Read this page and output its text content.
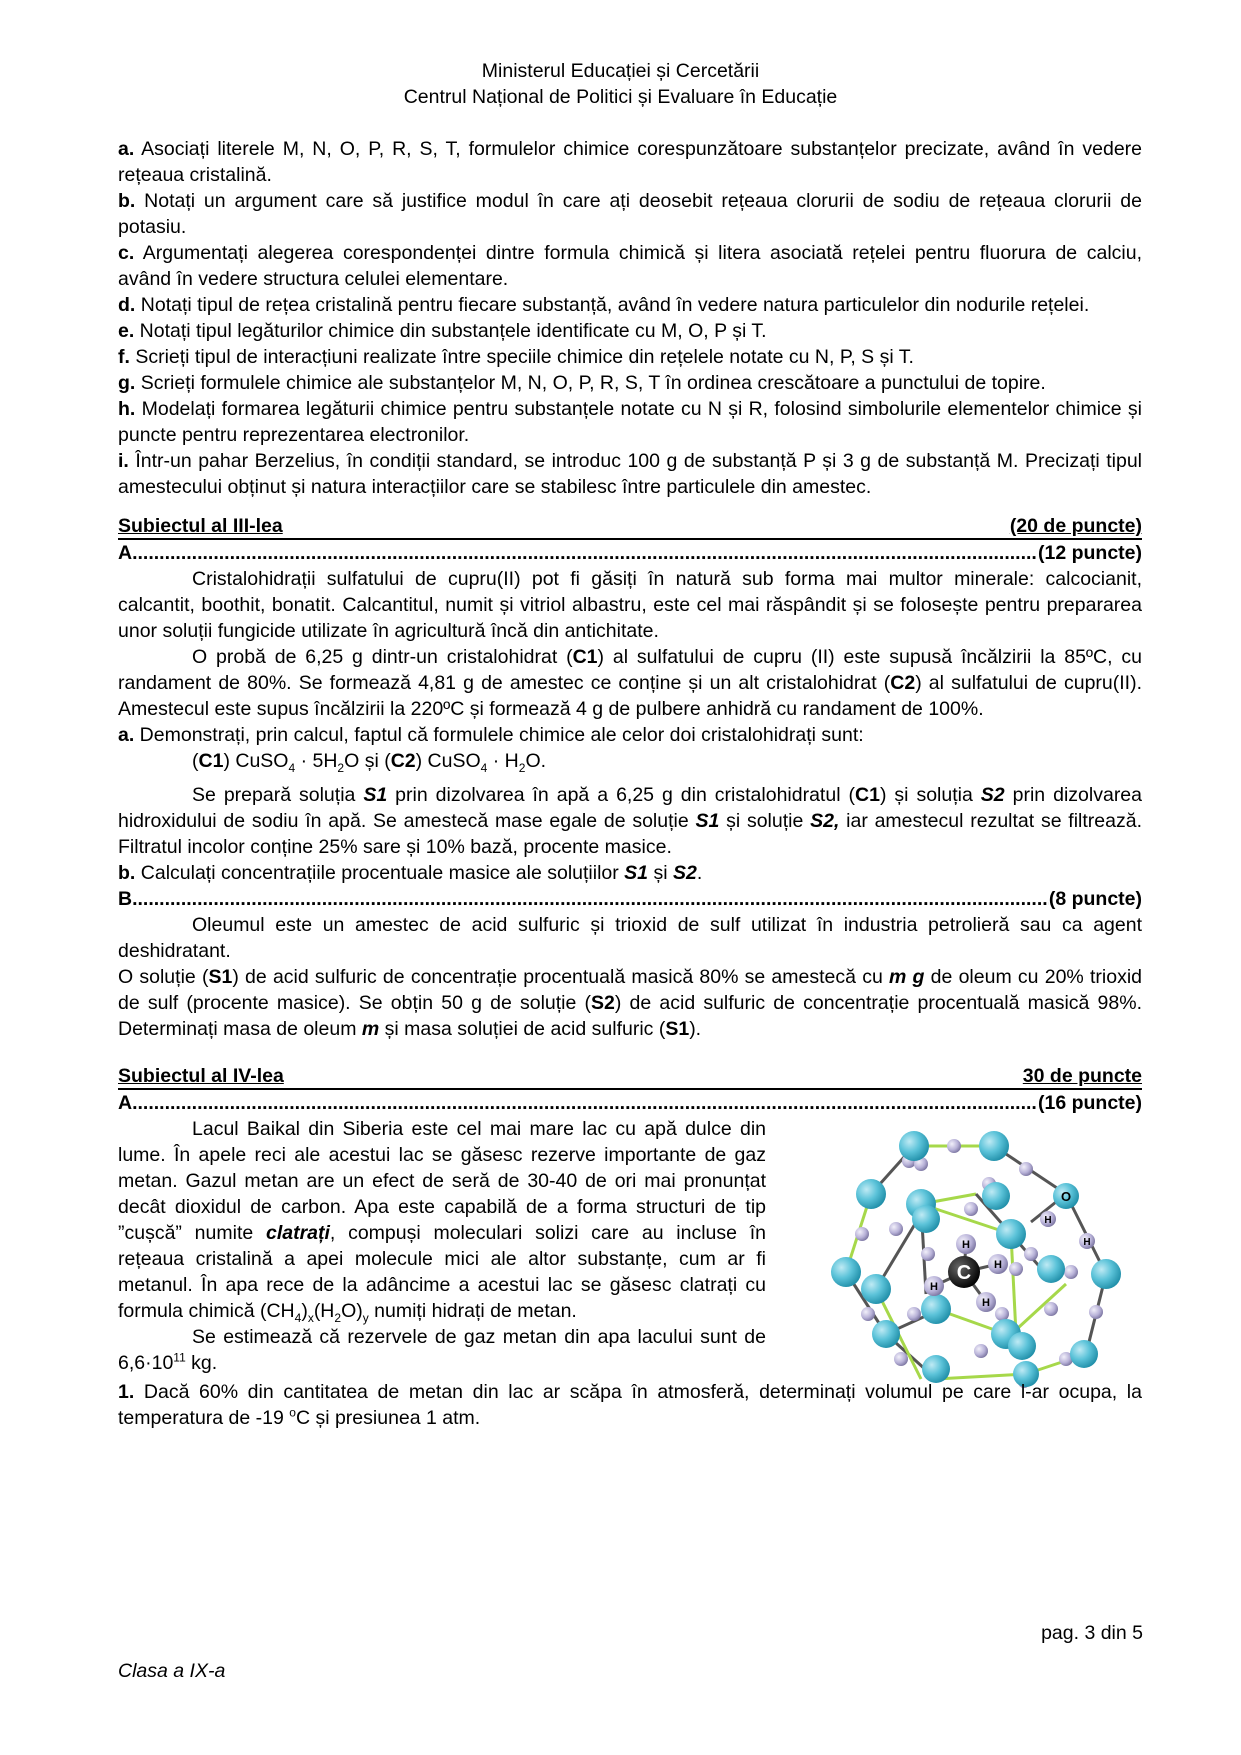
Ministerul Educației și Cercetării
Centrul Național de Politici și Evaluare în Educație

a. Asociați literele M, N, O, P, R, S, T, formulelor chimice corespunzătoare substanțelor precizate, având în vedere rețeaua cristalină.

b. Notați un argument care să justifice modul în care ați deosebit rețeaua clorurii de sodiu de rețeaua clorurii de potasiu.

c. Argumentați alegerea corespondenței dintre formula chimică și litera asociată rețelei pentru fluorura de calciu, având în vedere structura celulei elementare.

d. Notați tipul de rețea cristalină pentru fiecare substanță, având în vedere natura particulelor din nodurile rețelei.

e. Notați tipul legăturilor chimice din substanțele identificate cu M, O, P și T.

f. Scrieți tipul de interacțiuni realizate între speciile chimice din rețelele notate cu N, P, S și T.

g. Scrieți formulele chimice ale substanțelor M, N, O, P, R, S, T în ordinea crescătoare a punctului de topire.

h. Modelați formarea legăturii chimice pentru substanțele notate cu N și R, folosind simbolurile elementelor chimice și puncte pentru reprezentarea electronilor.

i. Într-un pahar Berzelius, în condiții standard, se introduc 100 g de substanță P și 3 g de substanță M. Precizați tipul amestecului obținut și natura interacțiilor care se stabilesc între particulele din amestec.

Subiectul al III-lea	(20 de puncte)
A. .....	(12 puncte)

Cristalohidrații sulfatului de cupru(II) pot fi găsiți în natură sub forma mai multor minerale: calcocianit, calcantit, boothit, bonatit. Calcantitul, numit și vitriol albastru, este cel mai răspândit și se folosește pentru prepararea unor soluții fungicide utilizate în agricultură încă din antichitate.

O probă de 6,25 g dintr-un cristalohidrat (C1) al sulfatului de cupru (II) este supusă încălzirii la 85ºC, cu randament de 80%. Se formează 4,81 g de amestec ce conține și un alt cristalohidrat (C2) al sulfatului de cupru(II). Amestecul este supus încălzirii la 220ºC și formează 4 g de pulbere anhidră cu randament de 100%.

a. Demonstrați, prin calcul, faptul că formulele chimice ale celor doi cristalohidrați sunt:

(C1) CuSO$_4$ · $5H_2O$ și (C2) CuSO$_4$ · $H_2O$.

Se prepară soluția S1 prin dizolvarea în apă a 6,25 g din cristalohidratul (C1) și soluția S2 prin dizolvarea hidroxidului de sodiu în apă. Se amestecă mase egale de soluție S1 și soluție S2, iar amestecul rezultat se filtrează. Filtratul incolor conține 25% sare și 10% bază, procente masice.

b. Calculați concentrațiile procentuale masice ale soluțiilor S1 și S2.

B. .....	(8 puncte)

Oleumul este un amestec de acid sulfuric și trioxid de sulf utilizat în industria petrolieră sau ca agent deshidratant.

O soluție (S1) de acid sulfuric de concentrație procentuală masică 80% se amestecă cu m g de oleum cu 20% trioxid de sulf (procente masice). Se obțin 50 g de soluție (S2) de acid sulfuric de concentrație procentuală masică 98%. Determinați masa de oleum m și masa soluției de acid sulfuric (S1).

Subiectul al IV-lea	30 de puncte
A. .....	(16 puncte)

Lacul Baikal din Siberia este cel mai mare lac cu apă dulce din lume. În apele reci ale acestui lac se găsesc rezerve importante de gaz metan. Gazul metan are un efect de seră de 30-40 de ori mai pronunțat decât dioxidul de carbon. Apa este capabilă de a forma structuri de tip ”cușcă” numite clatrați, compuși moleculari solizi care au incluse în rețeaua cristalină a apei molecule mici ale altor substanțe, cum ar fi metanul. În apa rece de la adâncime a acestui lac se găsesc clatrați cu formula chimică $(CH_4)_x(H_2O)_y$ numiți hidrați de metan.

Se estimează că rezervele de gaz metan din apa lacului sunt de $6,6\cdot 10^{11}$ kg.

O
H
H
H
H
H
H
C

1. Dacă 60% din cantitatea de metan din lac ar scăpa în atmosferă, determinați volumul pe care l-ar ocupa, la temperatura de -19 $^o$C și presiunea 1 atm.

pag. 3 din 5
Clasa a IX-a
